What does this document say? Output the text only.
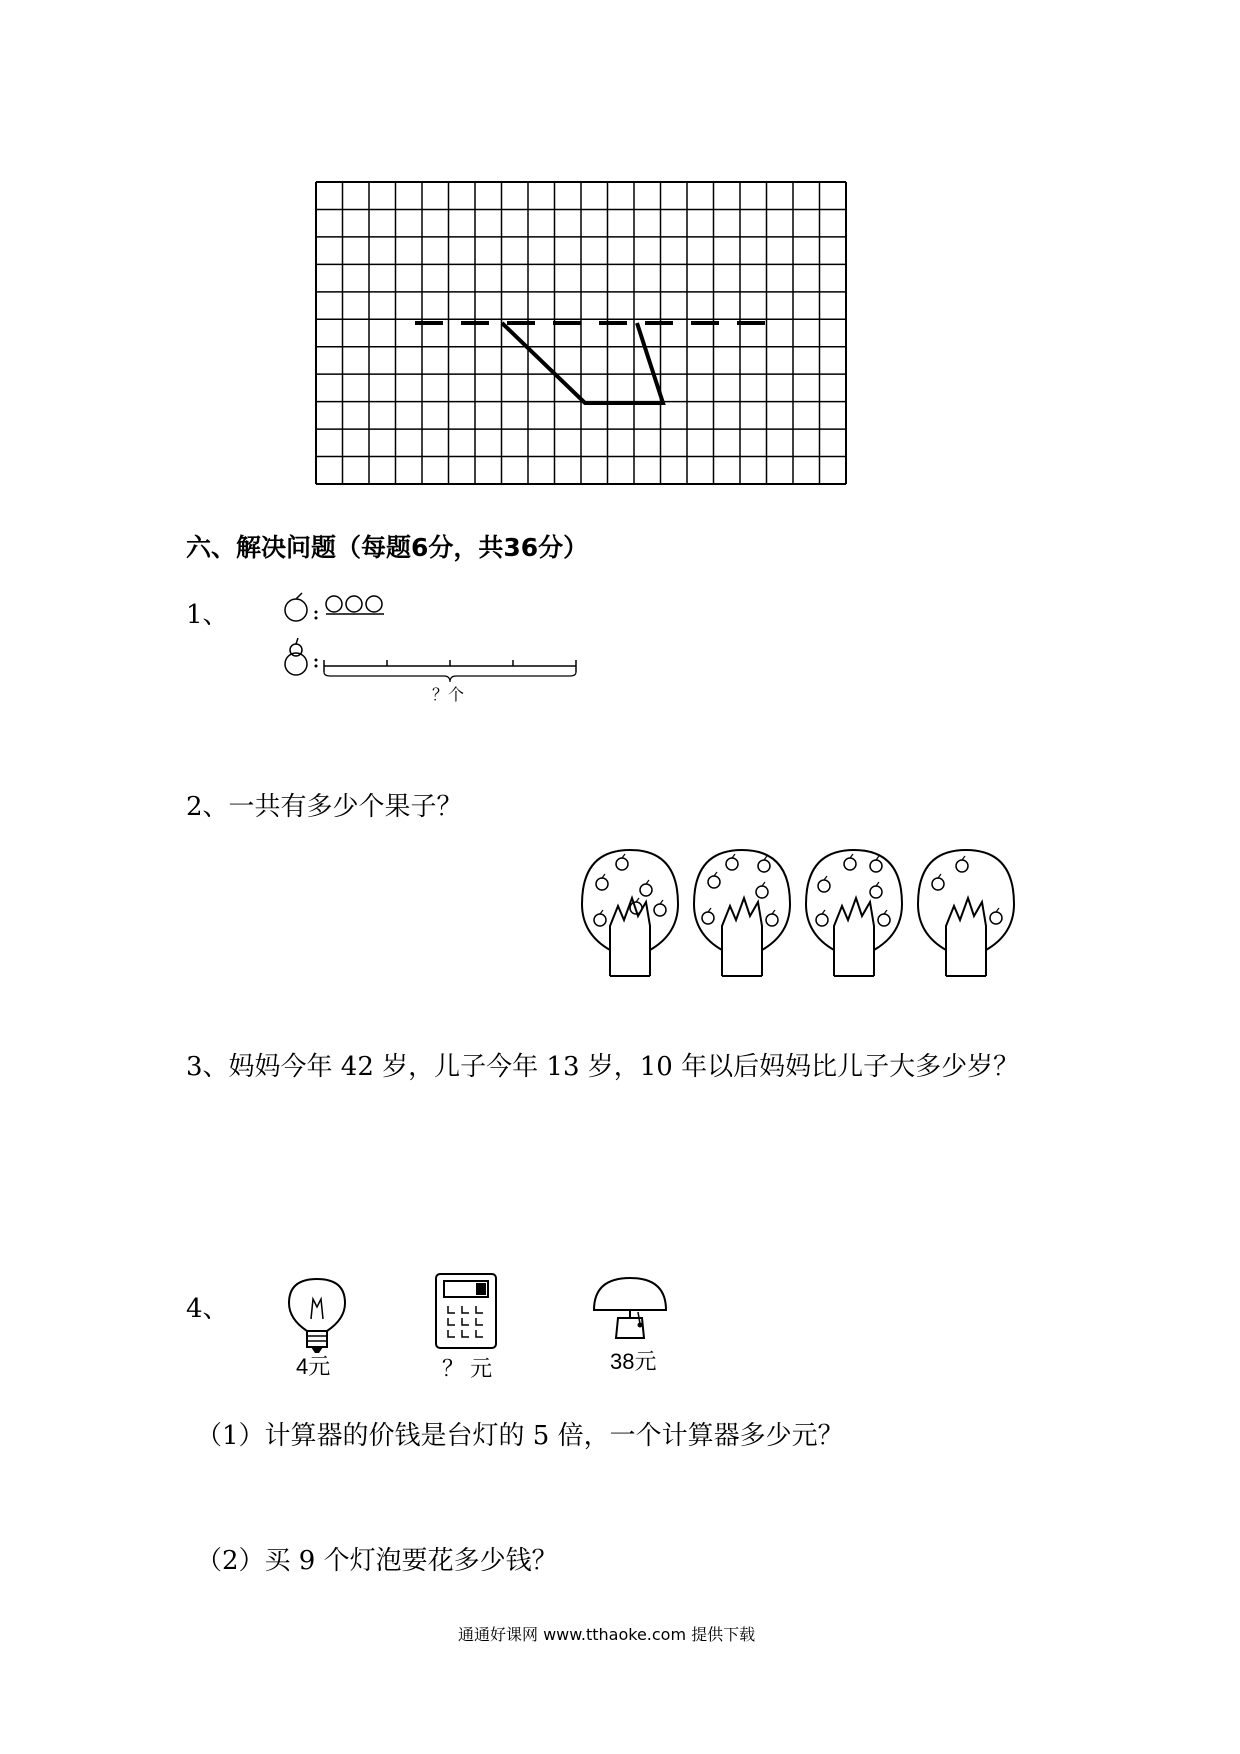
六、解决问题（每题6分，共36分）
1、
？个
2、一共有多少个果子？
3、妈妈今年 42 岁，儿子今年 13 岁，10 年以后妈妈比儿子大多少岁？
4、
4元	？ 元	38元
（1）计算器的价钱是台灯的 5 倍，一个计算器多少元？
（2）买 9 个灯泡要花多少钱？
通通好课网 www.tthaoke.com 提供下载
